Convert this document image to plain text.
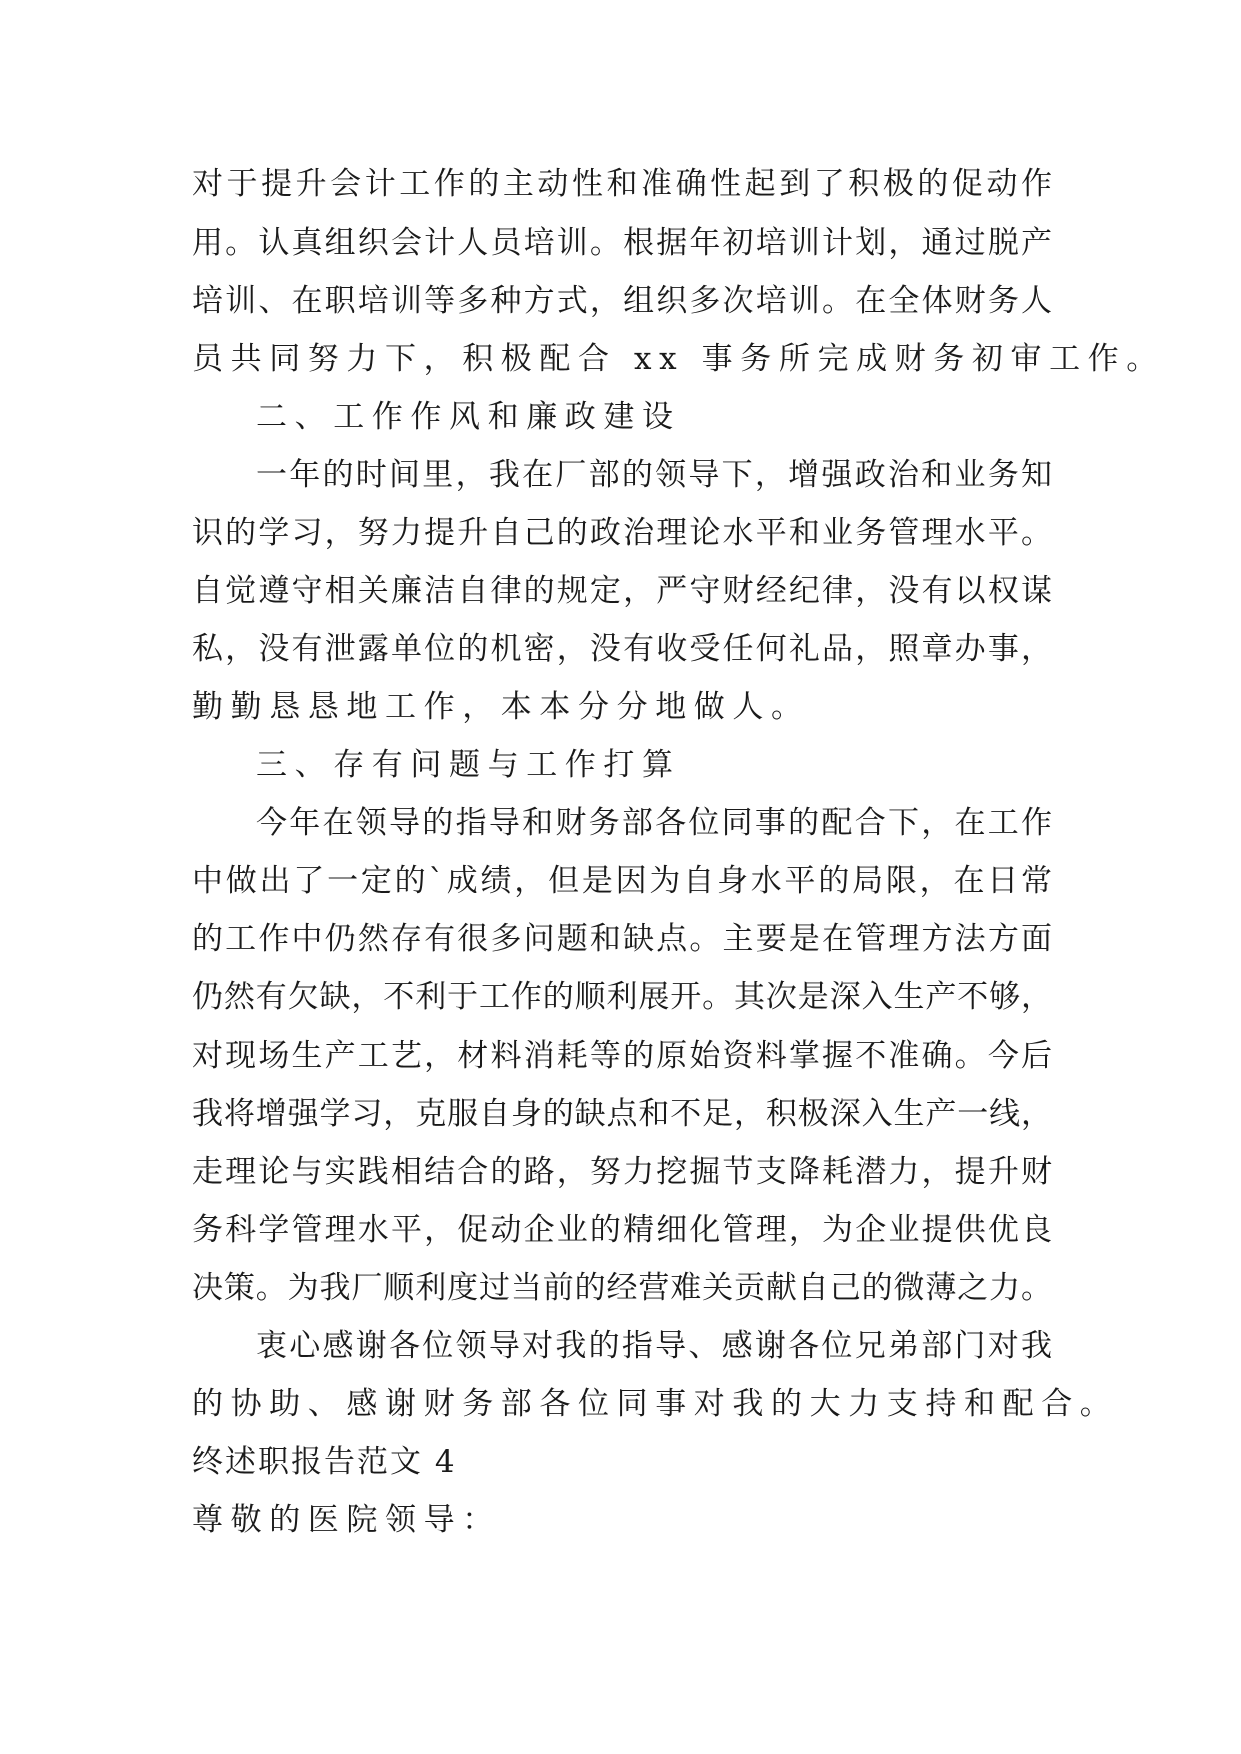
对于提升会计工作的主动性和准确性起到了积极的促动作
用。认真组织会计人员培训。根据年初培训计划，通过脱产
培训、在职培训等多种方式，组织多次培训。在全体财务人
员共同努力下，积极配合 xx 事务所完成财务初审工作。
二、工作作风和廉政建设
一年的时间里，我在厂部的领导下，增强政治和业务知
识的学习，努力提升自己的政治理论水平和业务管理水平。
自觉遵守相关廉洁自律的规定，严守财经纪律，没有以权谋
私，没有泄露单位的机密，没有收受任何礼品，照章办事，
勤勤恳恳地工作，本本分分地做人。
三、存有问题与工作打算
今年在领导的指导和财务部各位同事的配合下，在工作
中做出了一定的`成绩，但是因为自身水平的局限，在日常
的工作中仍然存有很多问题和缺点。主要是在管理方法方面
仍然有欠缺，不利于工作的顺利展开。其次是深入生产不够，
对现场生产工艺，材料消耗等的原始资料掌握不准确。今后
我将增强学习，克服自身的缺点和不足，积极深入生产一线，
走理论与实践相结合的路，努力挖掘节支降耗潜力，提升财
务科学管理水平，促动企业的精细化管理，为企业提供优良
决策。为我厂顺利度过当前的经营难关贡献自己的微薄之力。
衷心感谢各位领导对我的指导、感谢各位兄弟部门对我
的协助、感谢财务部各位同事对我的大力支持和配合。
终述职报告范文 4
尊敬的医院领导：
